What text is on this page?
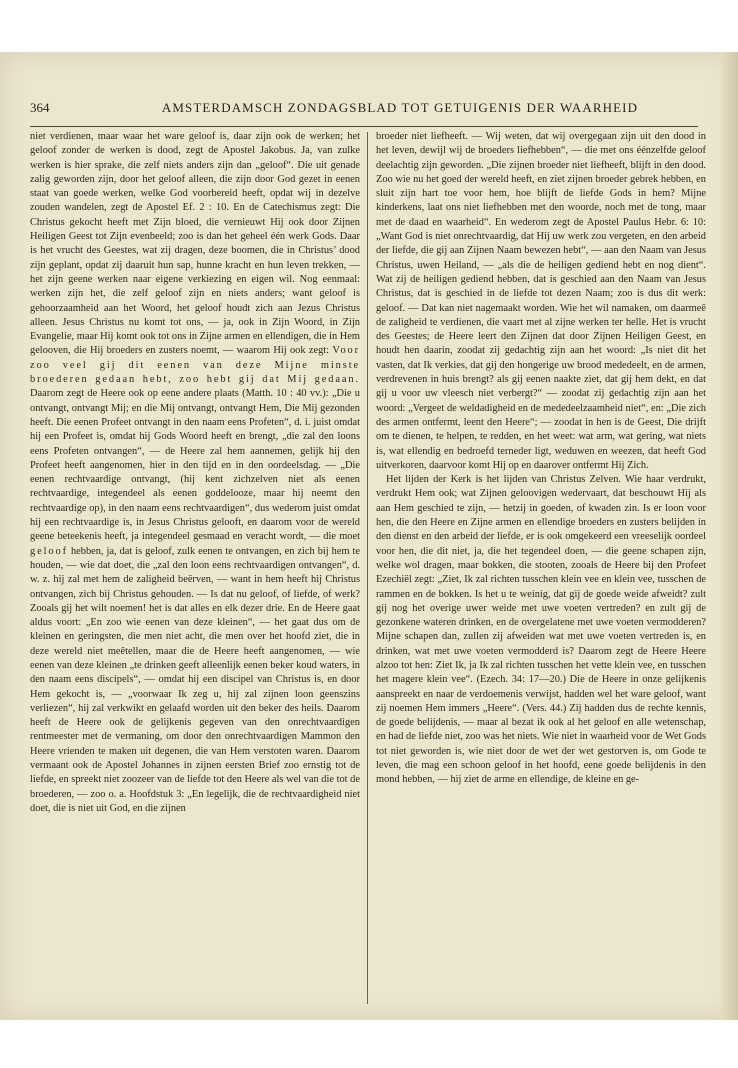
364	AMSTERDAMSCH ZONDAGSBLAD TOT GETUIGENIS DER WAARHEID

niet verdienen, maar waar het ware geloof is, daar zijn ook de werken; het geloof zonder de werken is dood, zegt de Apostel Jakobus. Ja, van zulke werken is hier sprake, die zelf niets anders zijn dan „geloof“. Die uit genade zalig geworden zijn, door het geloof alleen, die zijn door God gezet in eenen staat van goede werken, welke God voorbereid heeft, opdat wij in dezelve zouden wandelen, zegt de Apostel Ef. 2 : 10. En de Catechismus zegt: Die Christus gekocht heeft met Zijn bloed, die vernieuwt Hij ook door Zijnen Heiligen Geest tot Zijn evenbeeld; zoo is dan het geheel één werk Gods. Daar is het vrucht des Geestes, wat zij dragen, deze boomen, die in Christus’ dood zijn geplant, opdat zij daaruit hun sap, hunne kracht en hun leven trekken, — het zijn geene werken naar eigene verkiezing en eigen wil. Nog eenmaal: werken zijn het, die zelf geloof zijn en niets anders; want geloof is gehoorzaamheid aan het Woord, het geloof houdt zich aan Jezus Christus alleen. Jesus Christus nu komt tot ons, — ja, ook in Zijn Woord, in Zijn Evangelie, maar Hij komt ook tot ons in Zijne armen en ellendigen, die in Hem gelooven, die Hij broeders en zusters noemt, — waarom Hij ook zegt: Voor zoo veel gij dit eenen van deze Mijne minste broederen gedaan hebt, zoo hebt gij dat Mij gedaan. Daarom zegt de Heere ook op eene andere plaats (Matth. 10 : 40 vv.): „Die u ontvangt, ontvangt Mij; en die Mij ontvangt, ontvangt Hem, Die Mij gezonden heeft. Die eenen Profeet ontvangt in den naam eens Profeten“, d. i. juist omdat hij een Profeet is, omdat hij Gods Woord heeft en brengt, „die zal den loons eens Profeten ontvangen“, — de Heere zal hem aannemen, gelijk hij den Profeet heeft aangenomen, hier in den tijd en in den oordeelsdag. — „Die eenen rechtvaardige ontvangt, (hij kent zichzelven niet als eenen rechtvaardige, integendeel als eenen goddelooze, maar hij neemt den rechtvaardige op), in den naam eens rechtvaardigen“, dus wederom juist omdat hij een rechtvaardige is, in Jesus Christus gelooft, en daarom voor de wereld geene beteekenis heeft, ja integendeel gesmaad en veracht wordt, — die moet geloof hebben, ja, dat is geloof, zulk eenen te ontvangen, en zich bij hem te houden, — wie dat doet, die „zal den loon eens rechtvaardigen ontvangen“, d. w. z. hij zal met hem de zaligheid beërven, — want in hem heeft hij Christus ontvangen, zich bij Christus gehouden. — Is dat nu geloof, of liefde, of werk? Zooals gij het wilt noemen! het is dat alles en elk dezer drie. En de Heere gaat aldus voort: „En zoo wie eenen van deze kleinen“, — het gaat dus om de kleinen en geringsten, die men niet acht, die men over het hoofd ziet, die in deze wereld niet meêtellen, maar die de Heere heeft aangenomen, — wie eenen van deze kleinen „te drinken geeft alleenlijk eenen beker koud waters, in den naam eens discipels“, — omdat hij een discipel van Christus is, en door Hem gekocht is, — „voorwaar Ik zeg u, hij zal zijnen loon geenszins verliezen“, hij zal verkwikt en gelaafd worden uit den beker des heils. Daarom heeft de Heere ook de gelijkenis gegeven van den onrechtvaardigen rentmeester met de vermaning, om door den onrechtvaardigen Mammon den Heere vrienden te maken uit degenen, die van Hem verstoten waren. Daarom vermaant ook de Apostel Johannes in zijnen eersten Brief zoo ernstig tot de liefde, en spreekt niet zoozeer van de liefde tot den Heere als wel van die tot de broederen, — zoo o. a. Hoofdstuk 3: „En legelijk, die de rechtvaardigheid niet doet, die is niet uit God, en die zijnen

broeder niet liefheeft. — Wij weten, dat wij overgegaan zijn uit den dood in het leven, dewijl wij de broeders liefhebben“, — die met ons éénzelfde geloof deelachtig zijn geworden. „Die zijnen broeder niet liefheeft, blijft in den dood. Zoo wie nu het goed der wereld heeft, en ziet zijnen broeder gebrek hebben, en sluit zijn hart toe voor hem, hoe blijft de liefde Gods in hem? Mijne kinderkens, laat ons niet liefhebben met den woorde, noch met de tong, maar met de daad en waarheid“. En wederom zegt de Apostel Paulus Hebr. 6: 10: „Want God is niet onrechtvaardig, dat Hij uw werk zou vergeten, en den arbeid der liefde, die gij aan Zijnen Naam bewezen hebt“, — aan den Naam van Jesus Christus, uwen Heiland, — „als die de heiligen gediend hebt en nog dient“. Wat zij de heiligen gediend hebben, dat is geschied aan den Naam van Jesus Christus, dat is geschied in de liefde tot dezen Naam; zoo is dus dit werk: geloof. — Dat kan niet nagemaakt worden. Wie het wil namaken, om daarmeê de zaligheid te verdienen, die vaart met al zijne werken ter helle. Het is vrucht des Geestes; de Heere leert den Zijnen dat door Zijnen Heiligen Geest, en houdt hen daarin, zoodat zij gedachtig zijn aan het woord: „Is niet dit het vasten, dat Ik verkies, dat gij den hongerige uw brood mededeelt, en de armen, verdrevenen in huis brengt? als gij eenen naakte ziet, dat gij hem dekt, en dat gij u voor uw vleesch niet verbergt?“ — zoodat zij gedachtig zijn aan het woord: „Vergeet de weldadigheid en de mededeelzaamheid niet“, en: „Die zich des armen ontfermt, leent den Heere“; — zoodat in hen is de Geest, Die drijft om te dienen, te helpen, te redden, en het weet: wat arm, wat gering, wat niets is, wat ellendig en bedroefd terneder ligt, weduwen en weezen, dat heeft God uitverkoren, daarvoor komt Hij op en daarover ontfermt Hij Zich.

Het lijden der Kerk is het lijden van Christus Zelven. Wie haar verdrukt, verdrukt Hem ook; wat Zijnen geloovigen wedervaart, dat beschouwt Hij als aan Hem geschied te zijn, — hetzij in goeden, of kwaden zin. Is er loon voor hen, die den Heere en Zijne armen en ellendige broeders en zusters belijden in den dienst en den arbeid der liefde, er is ook omgekeerd een vreeselijk oordeel voor hen, die dit niet, ja, die het tegendeel doen, — die geene schapen zijn, welke wol dragen, maar bokken, die stooten, zooals de Heere bij den Profeet Ezechiël zegt: „Ziet, Ik zal richten tusschen klein vee en klein vee, tusschen de rammen en de bokken. Is het u te weinig, dat gij de goede weide afweidt? zult gij nog het overige uwer weide met uwe voeten vertreden? en zult gij de gezonkene wateren drinken, en de overgelatene met uwe voeten vermodderen? Mijne schapen dan, zullen zij afweiden wat met uwe voeten vertreden is, en drinken, wat met uwe voeten vermodderd is? Daarom zegt de Heere Heere alzoo tot hen: Ziet Ik, ja Ik zal richten tusschen het vette klein vee, en tusschen het magere klein vee“. (Ezech. 34: 17—20.) Die de Heere in onze gelijkenis aanspreekt en naar de verdoemenis verwijst, hadden wel het ware geloof, want zij noemen Hem immers „Heere“. (Vers. 44.) Zij hadden dus de rechte kennis, de goede belijdenis, — maar al bezat ik ook al het geloof en alle wetenschap, en had de liefde niet, zoo was het niets. Wie niet in waarheid voor de Wet Gods tot niet geworden is, wie niet door de wet der wet gestorven is, om Gode te leven, die mag een schoon geloof in het hoofd, eene goede belijdenis in den mond hebben, — hij ziet de arme en ellendige, de kleine en ge-
